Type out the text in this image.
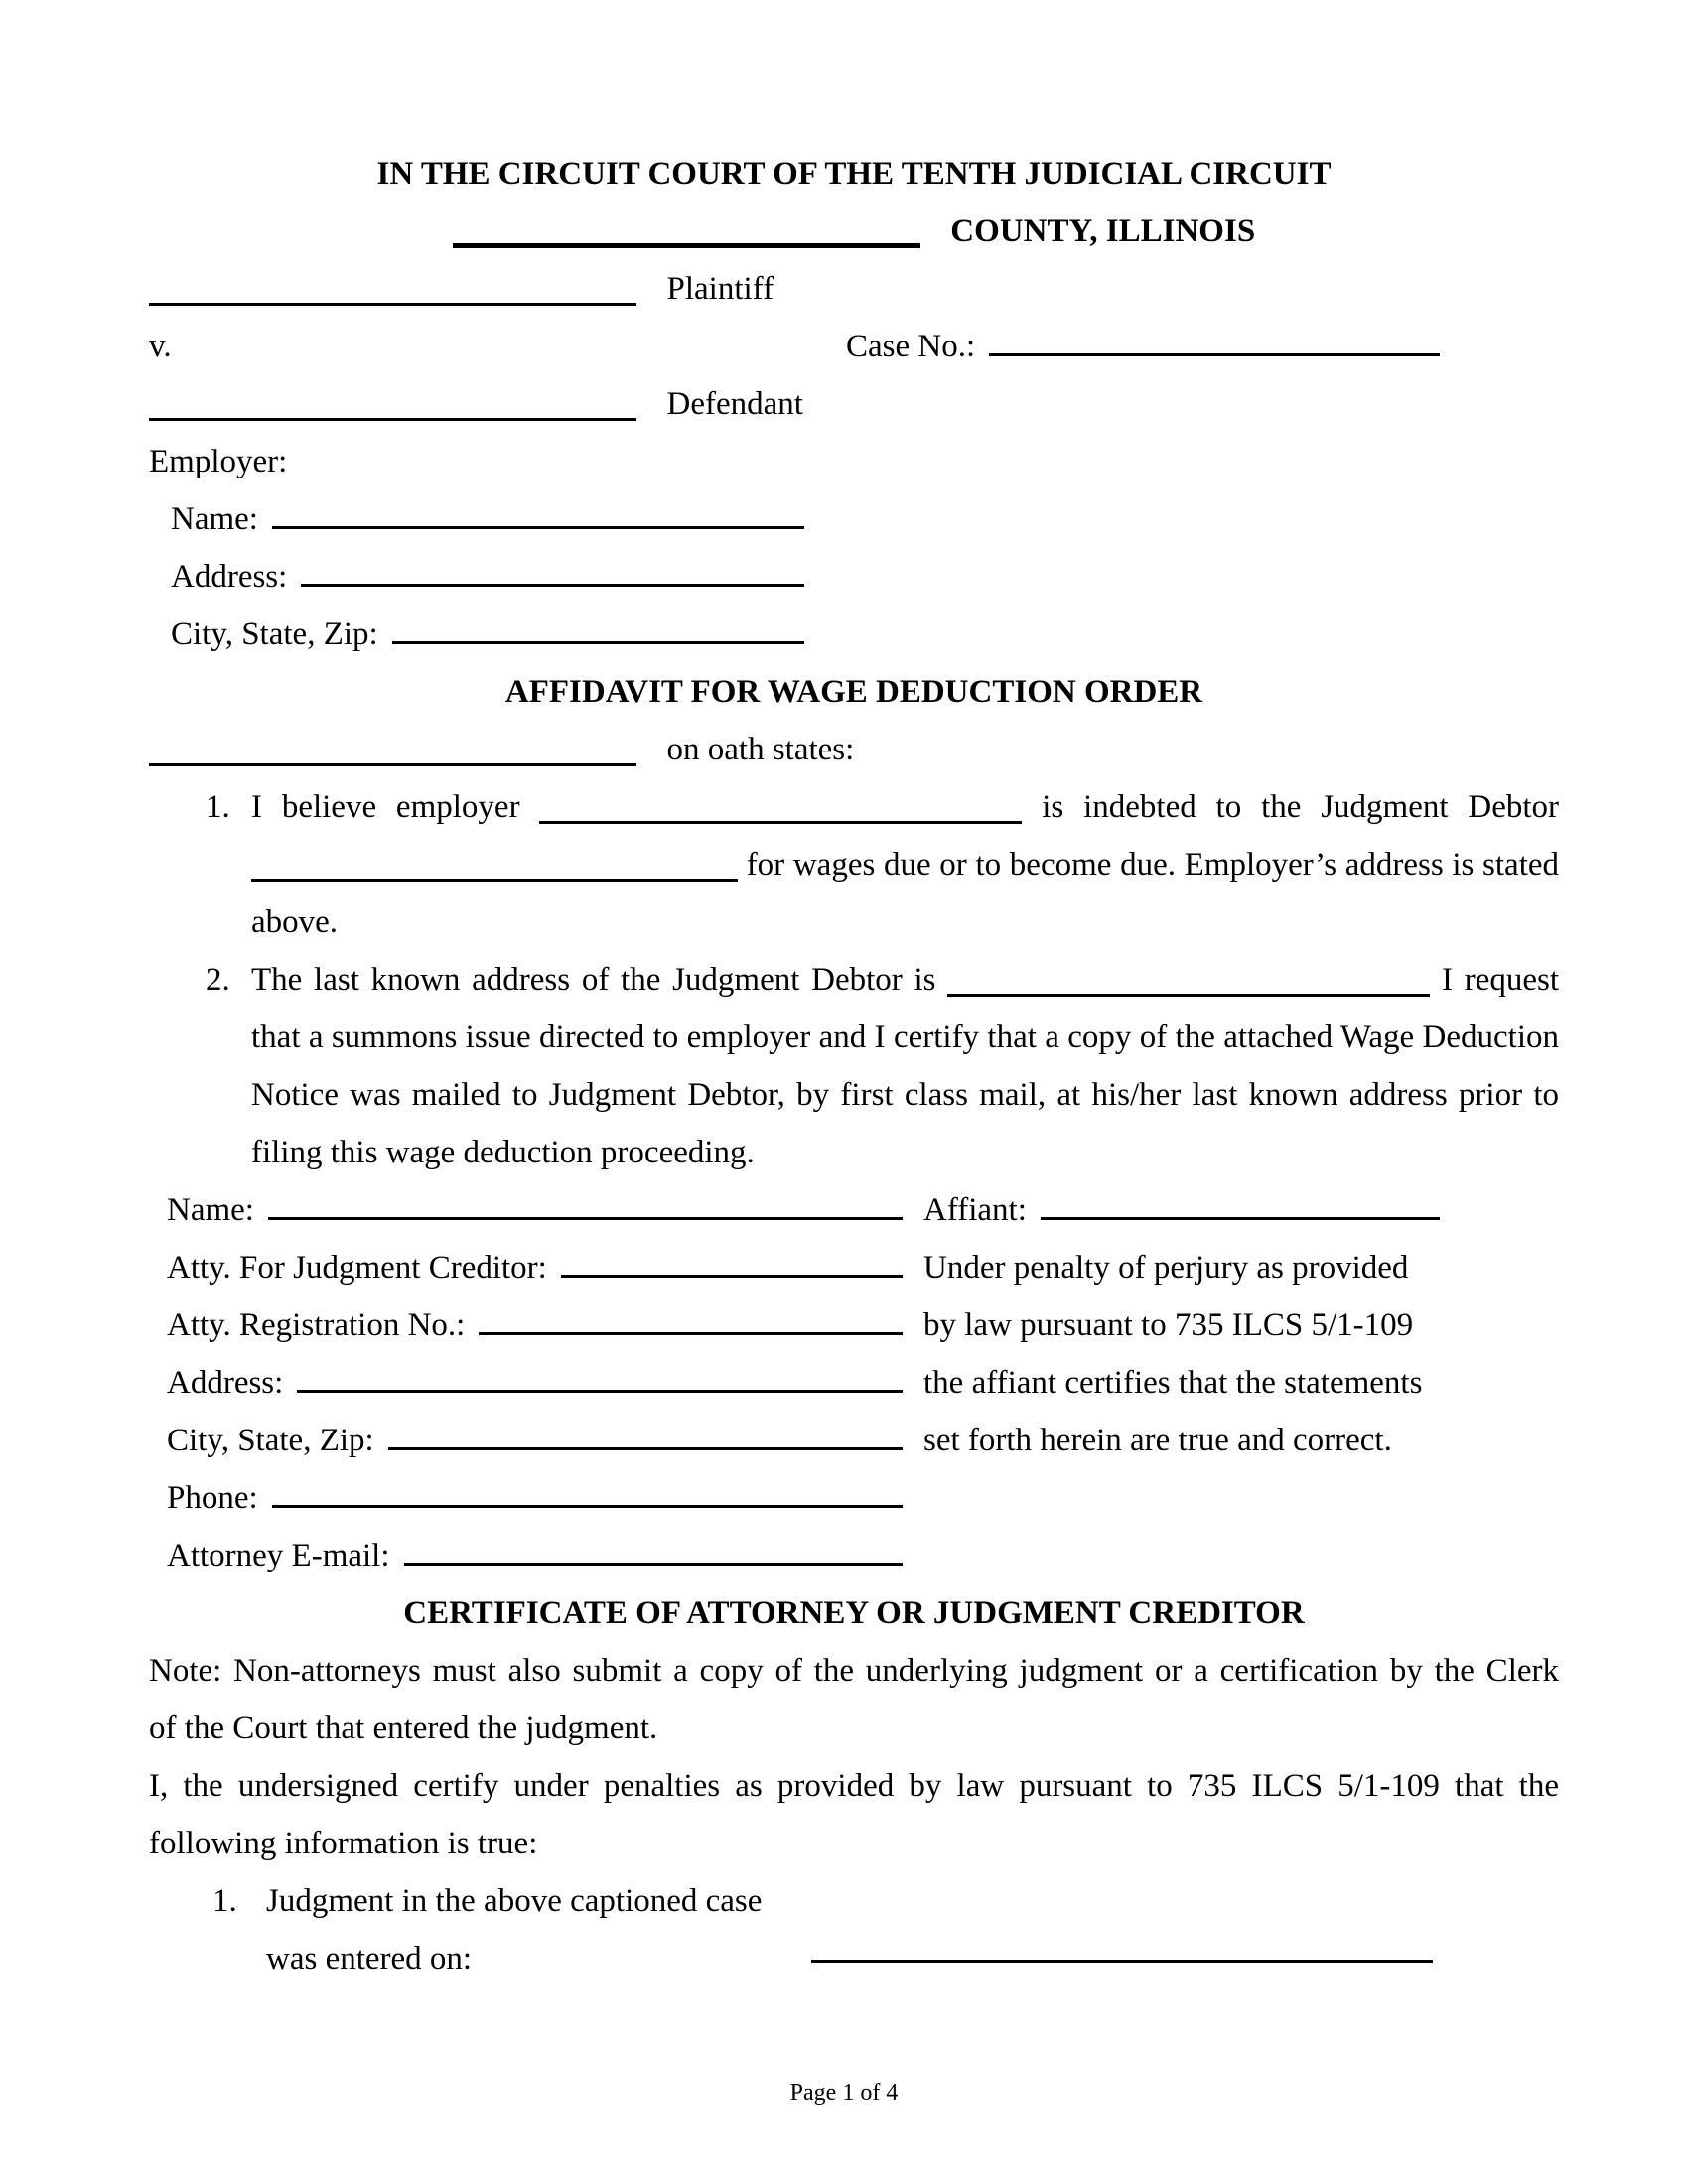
IN THE CIRCUIT COURT OF THE TENTH JUDICIAL CIRCUIT
COUNTY, ILLINOIS
Plaintiff
v.	Case No.:
Defendant
Employer:
Name:
Address:
City, State, Zip:
AFFIDAVIT FOR WAGE DEDUCTION ORDER
on oath states:
1. I believe employer	is indebted to the Judgment Debtor
for wages due or to become due. Employer’s address is stated
above.
2. The last known address of the Judgment Debtor is	I request
that a summons issue directed to employer and I certify that a copy of the attached Wage Deduction
Notice was mailed to Judgment Debtor, by first class mail, at his/her last known address prior to
filing this wage deduction proceeding.
Name:	Affiant:
Atty. For Judgment Creditor:	Under penalty of perjury as provided
Atty. Registration No.:	by law pursuant to 735 ILCS 5/1-109
Address:	the affiant certifies that the statements
City, State, Zip:	set forth herein are true and correct.
Phone:
Attorney E-mail:
CERTIFICATE OF ATTORNEY OR JUDGMENT CREDITOR
Note: Non-attorneys must also submit a copy of the underlying judgment or a certification by the Clerk
of the Court that entered the judgment.
I, the undersigned certify under penalties as provided by law pursuant to 735 ILCS 5/1-109 that the
following information is true:
1. Judgment in the above captioned case
was entered on:
Page 1 of 4
